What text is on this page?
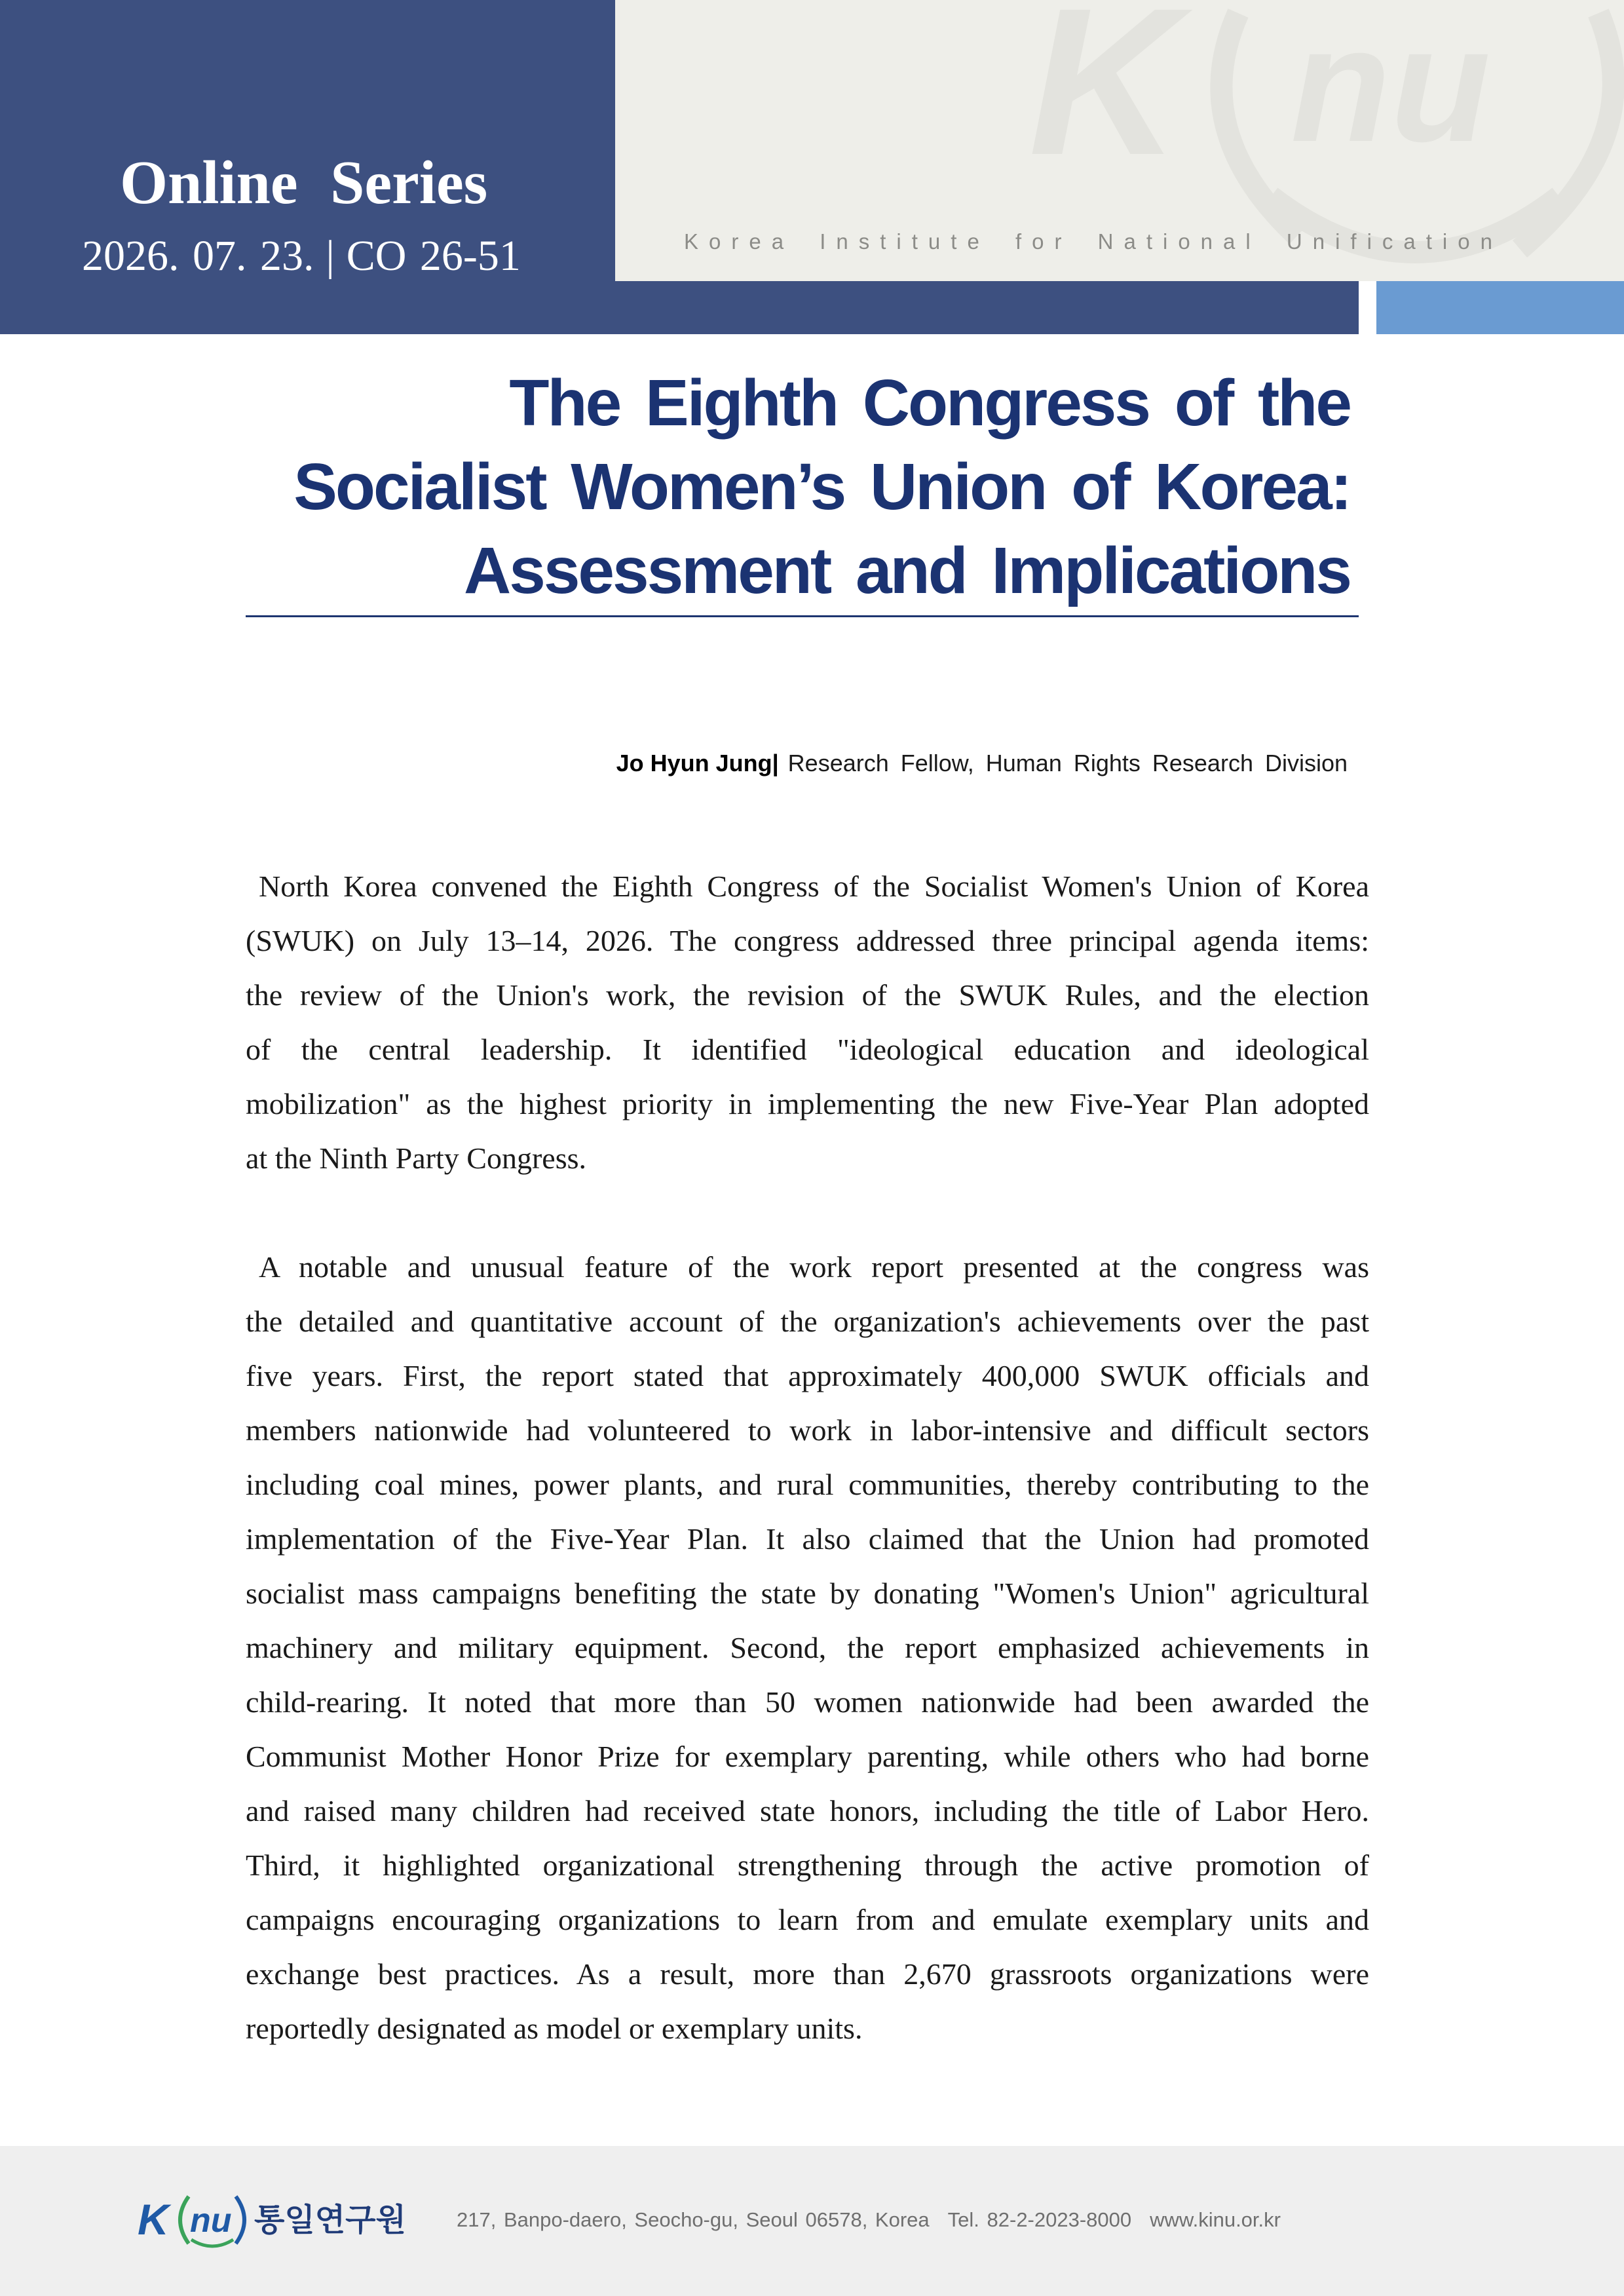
K nu
Online Series
2026. 07. 23. | CO 26-51	Korea Institute for National Unification
The Eighth Congress of the
Socialist Women’s Union of Korea:
Assessment and Implications
Jo Hyun Jung| Research Fellow, Human Rights Research Division
North Korea convened the Eighth Congress of the Socialist Women's Union of Korea
(SWUK) on July 13–14, 2026. The congress addressed three principal agenda items:
the review of the Union's work, the revision of the SWUK Rules, and the election
of the central leadership. It identified "ideological education and ideological
mobilization" as the highest priority in implementing the new Five-Year Plan adopted
at the Ninth Party Congress.
A notable and unusual feature of the work report presented at the congress was
the detailed and quantitative account of the organization's achievements over the past
five years. First, the report stated that approximately 400,000 SWUK officials and
members nationwide had volunteered to work in labor-intensive and difficult sectors
including coal mines, power plants, and rural communities, thereby contributing to the
implementation of the Five-Year Plan. It also claimed that the Union had promoted
socialist mass campaigns benefiting the state by donating "Women's Union" agricultural
machinery and military equipment. Second, the report emphasized achievements in
child-rearing. It noted that more than 50 women nationwide had been awarded the
Communist Mother Honor Prize for exemplary parenting, while others who had borne
and raised many children had received state honors, including the title of Labor Hero.
Third, it highlighted organizational strengthening through the active promotion of
campaigns encouraging organizations to learn from and emulate exemplary units and
exchange best practices. As a result, more than 2,670 grassroots organizations were
reportedly designated as model or exemplary units.
K nu 통일연구원 217, Banpo-daero, Seocho-gu, Seoul 06578, Korea Tel. 82-2-2023-8000 www.kinu.or.kr
